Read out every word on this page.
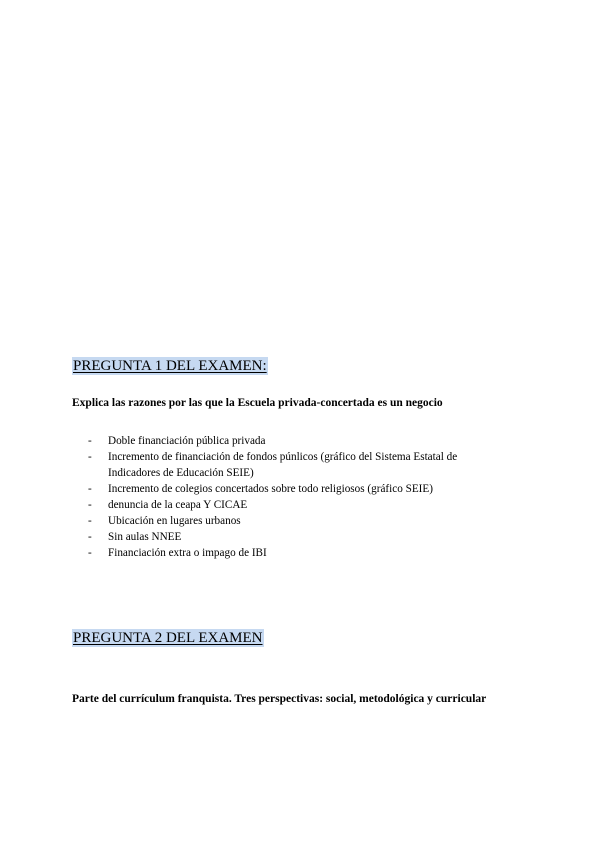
PREGUNTA 1 DEL EXAMEN:
Explica las razones por las que la Escuela privada-concertada es un negocio
- Doble financiación pública privada
- Incremento de financiación de fondos púnlicos (gráfico del Sistema Estatal de Indicadores de Educación SEIE)
- Incremento de colegios concertados sobre todo religiosos (gráfico SEIE)
- denuncia de la ceapa Y CICAE
- Ubicación en lugares urbanos
- Sin aulas NNEE
- Financiación extra o impago de IBI
PREGUNTA 2 DEL EXAMEN
Parte del currículum franquista. Tres perspectivas: social, metodológica y curricular
